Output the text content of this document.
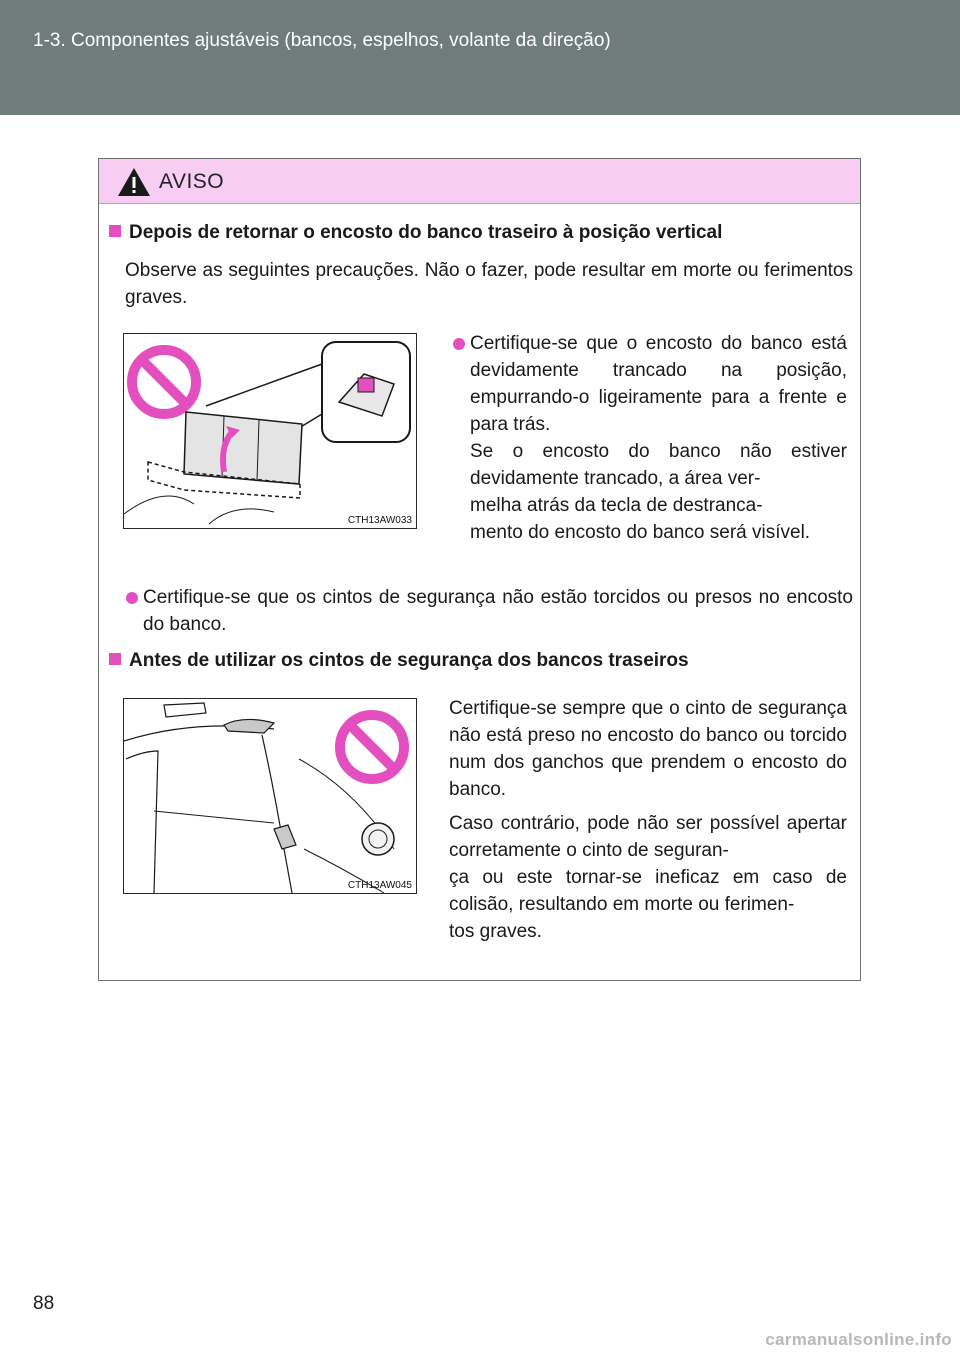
1-3. Componentes ajustáveis (bancos, espelhos, volante da direção)
AVISO
Depois de retornar o encosto do banco traseiro à posição vertical
Observe as seguintes precauções. Não o fazer, pode resultar em morte ou ferimentos graves.
CTH13AW033
Certifique-se que o encosto do banco está devidamente trancado na posição, empurrando-o ligeiramente para a frente e para trás.
Se o encosto do banco não estiver devidamente trancado, a área ver-
melha atrás da tecla de destranca-
mento do encosto do banco será visível.
Certifique-se que os cintos de segurança não estão torcidos ou presos no encosto do banco.
Antes de utilizar os cintos de segurança dos bancos traseiros
CTH13AW045
Certifique-se sempre que o cinto de segurança não está preso no encosto do banco ou torcido num dos ganchos que prendem o encosto do banco.
Caso contrário, pode não ser possível apertar corretamente o cinto de seguran-
ça ou este tornar-se ineficaz em caso de colisão, resultando em morte ou ferimen-
tos graves.
88
carmanualsonline.info
